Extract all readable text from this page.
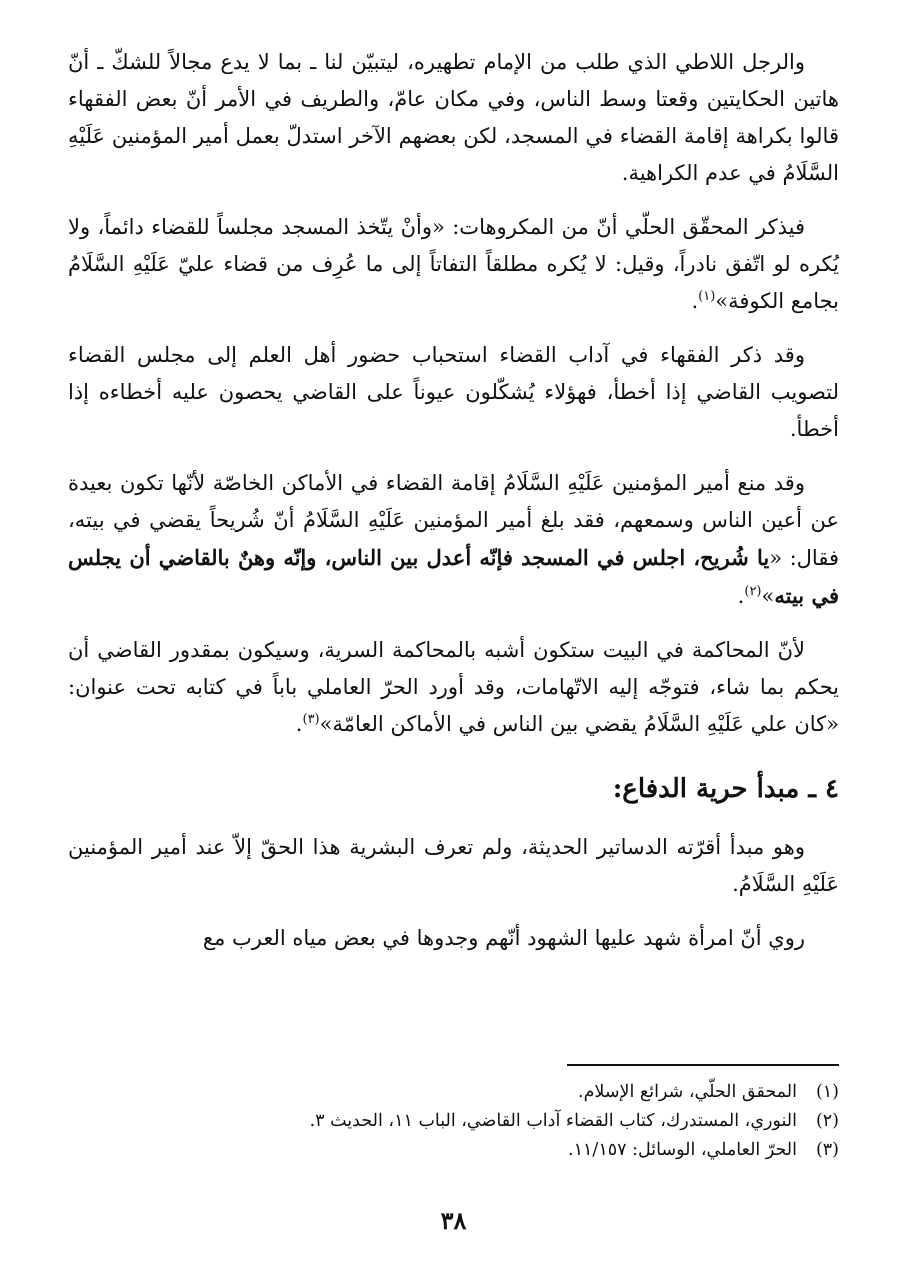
والرجل اللاطي الذي طلب من الإمام تطهيره، ليتبيّن لنا ـ بما لا يدع مجالاً للشكّ ـ أنّ هاتين الحكايتين وقعتا وسط الناس، وفي مكان عامّ، والطريف في الأمر أنّ بعض الفقهاء قالوا بكراهة إقامة القضاء في المسجد، لكن بعضهم الآخر استدلّ بعمل أمير المؤمنين عَلَيْهِ السَّلَامُ في عدم الكراهية.

فيذكر المحقّق الحلّي أنّ من المكروهات: «وأنْ يتّخذ المسجد مجلساً للقضاء دائماً، ولا يُكره لو اتّفق نادراً، وقيل: لا يُكره مطلقاً التفاتاً إلى ما عُرِف من قضاء عليّ عَلَيْهِ السَّلَامُ بجامع الكوفة»$^{(١)}$.

وقد ذكر الفقهاء في آداب القضاء استحباب حضور أهل العلم إلى مجلس القضاء لتصويب القاضي إذا أخطأ، فهؤلاء يُشكّلون عيوناً على القاضي يحصون عليه أخطاءه إذا أخطأ.

وقد منع أمير المؤمنين عَلَيْهِ السَّلَامُ إقامة القضاء في الأماكن الخاصّة لأنّها تكون بعيدة عن أعين الناس وسمعهم، فقد بلغ أمير المؤمنين عَلَيْهِ السَّلَامُ أنّ شُريحاً يقضي في بيته، فقال: «يا شُريح، اجلس في المسجد فإنّه أعدل بين الناس، وإنّه وهنٌ بالقاضي أن يجلس في بيته»$^{(٢)}$.

لأنّ المحاكمة في البيت ستكون أشبه بالمحاكمة السرية، وسيكون بمقدور القاضي أن يحكم بما شاء، فتوجّه إليه الاتّهامات، وقد أورد الحرّ العاملي باباً في كتابه تحت عنوان: «كان علي عَلَيْهِ السَّلَامُ يقضي بين الناس في الأماكن العامّة»$^{(٣)}$.

٤ ـ مبدأ حرية الدفاع:

وهو مبدأ أقرّته الدساتير الحديثة، ولم تعرف البشرية هذا الحقّ إلاّ عند أمير المؤمنين عَلَيْهِ السَّلَامُ.

روي أنّ امرأة شهد عليها الشهود أنّهم وجدوها في بعض مياه العرب مع

(١)المحقق الحلّي، شرائع الإسلام.

(٢)النوري، المستدرك، كتاب القضاء آداب القاضي، الباب ١١، الحديث ٣.

(٣)الحرّ العاملي، الوسائل: ١١/١٥٧.

٣٨
